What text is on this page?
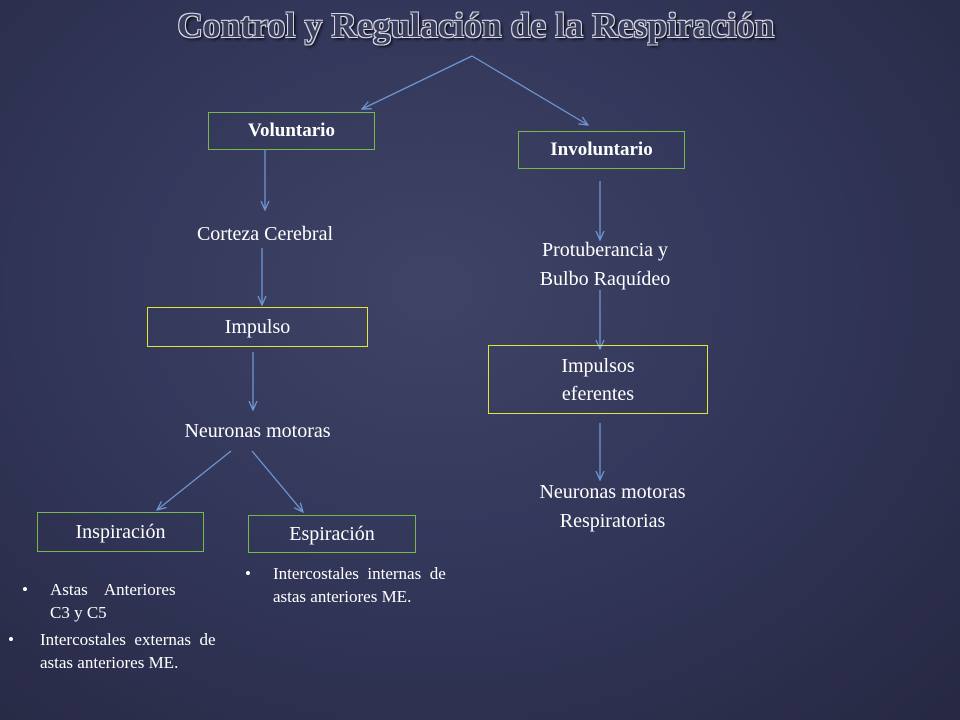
Control y Regulación de la Respiración
Voluntario
Corteza Cerebral
Impulso
Neuronas motoras
Inspiración	Espiración
• Astas    Anteriores
C3 y C5
• Intercostales  externas  de
astas anteriores ME.
• Intercostales  internas  de
astas anteriores ME.
Involuntario
Protuberancia y
Bulbo Raquídeo
Impulsos
eferentes
Neuronas motoras
Respiratorias
